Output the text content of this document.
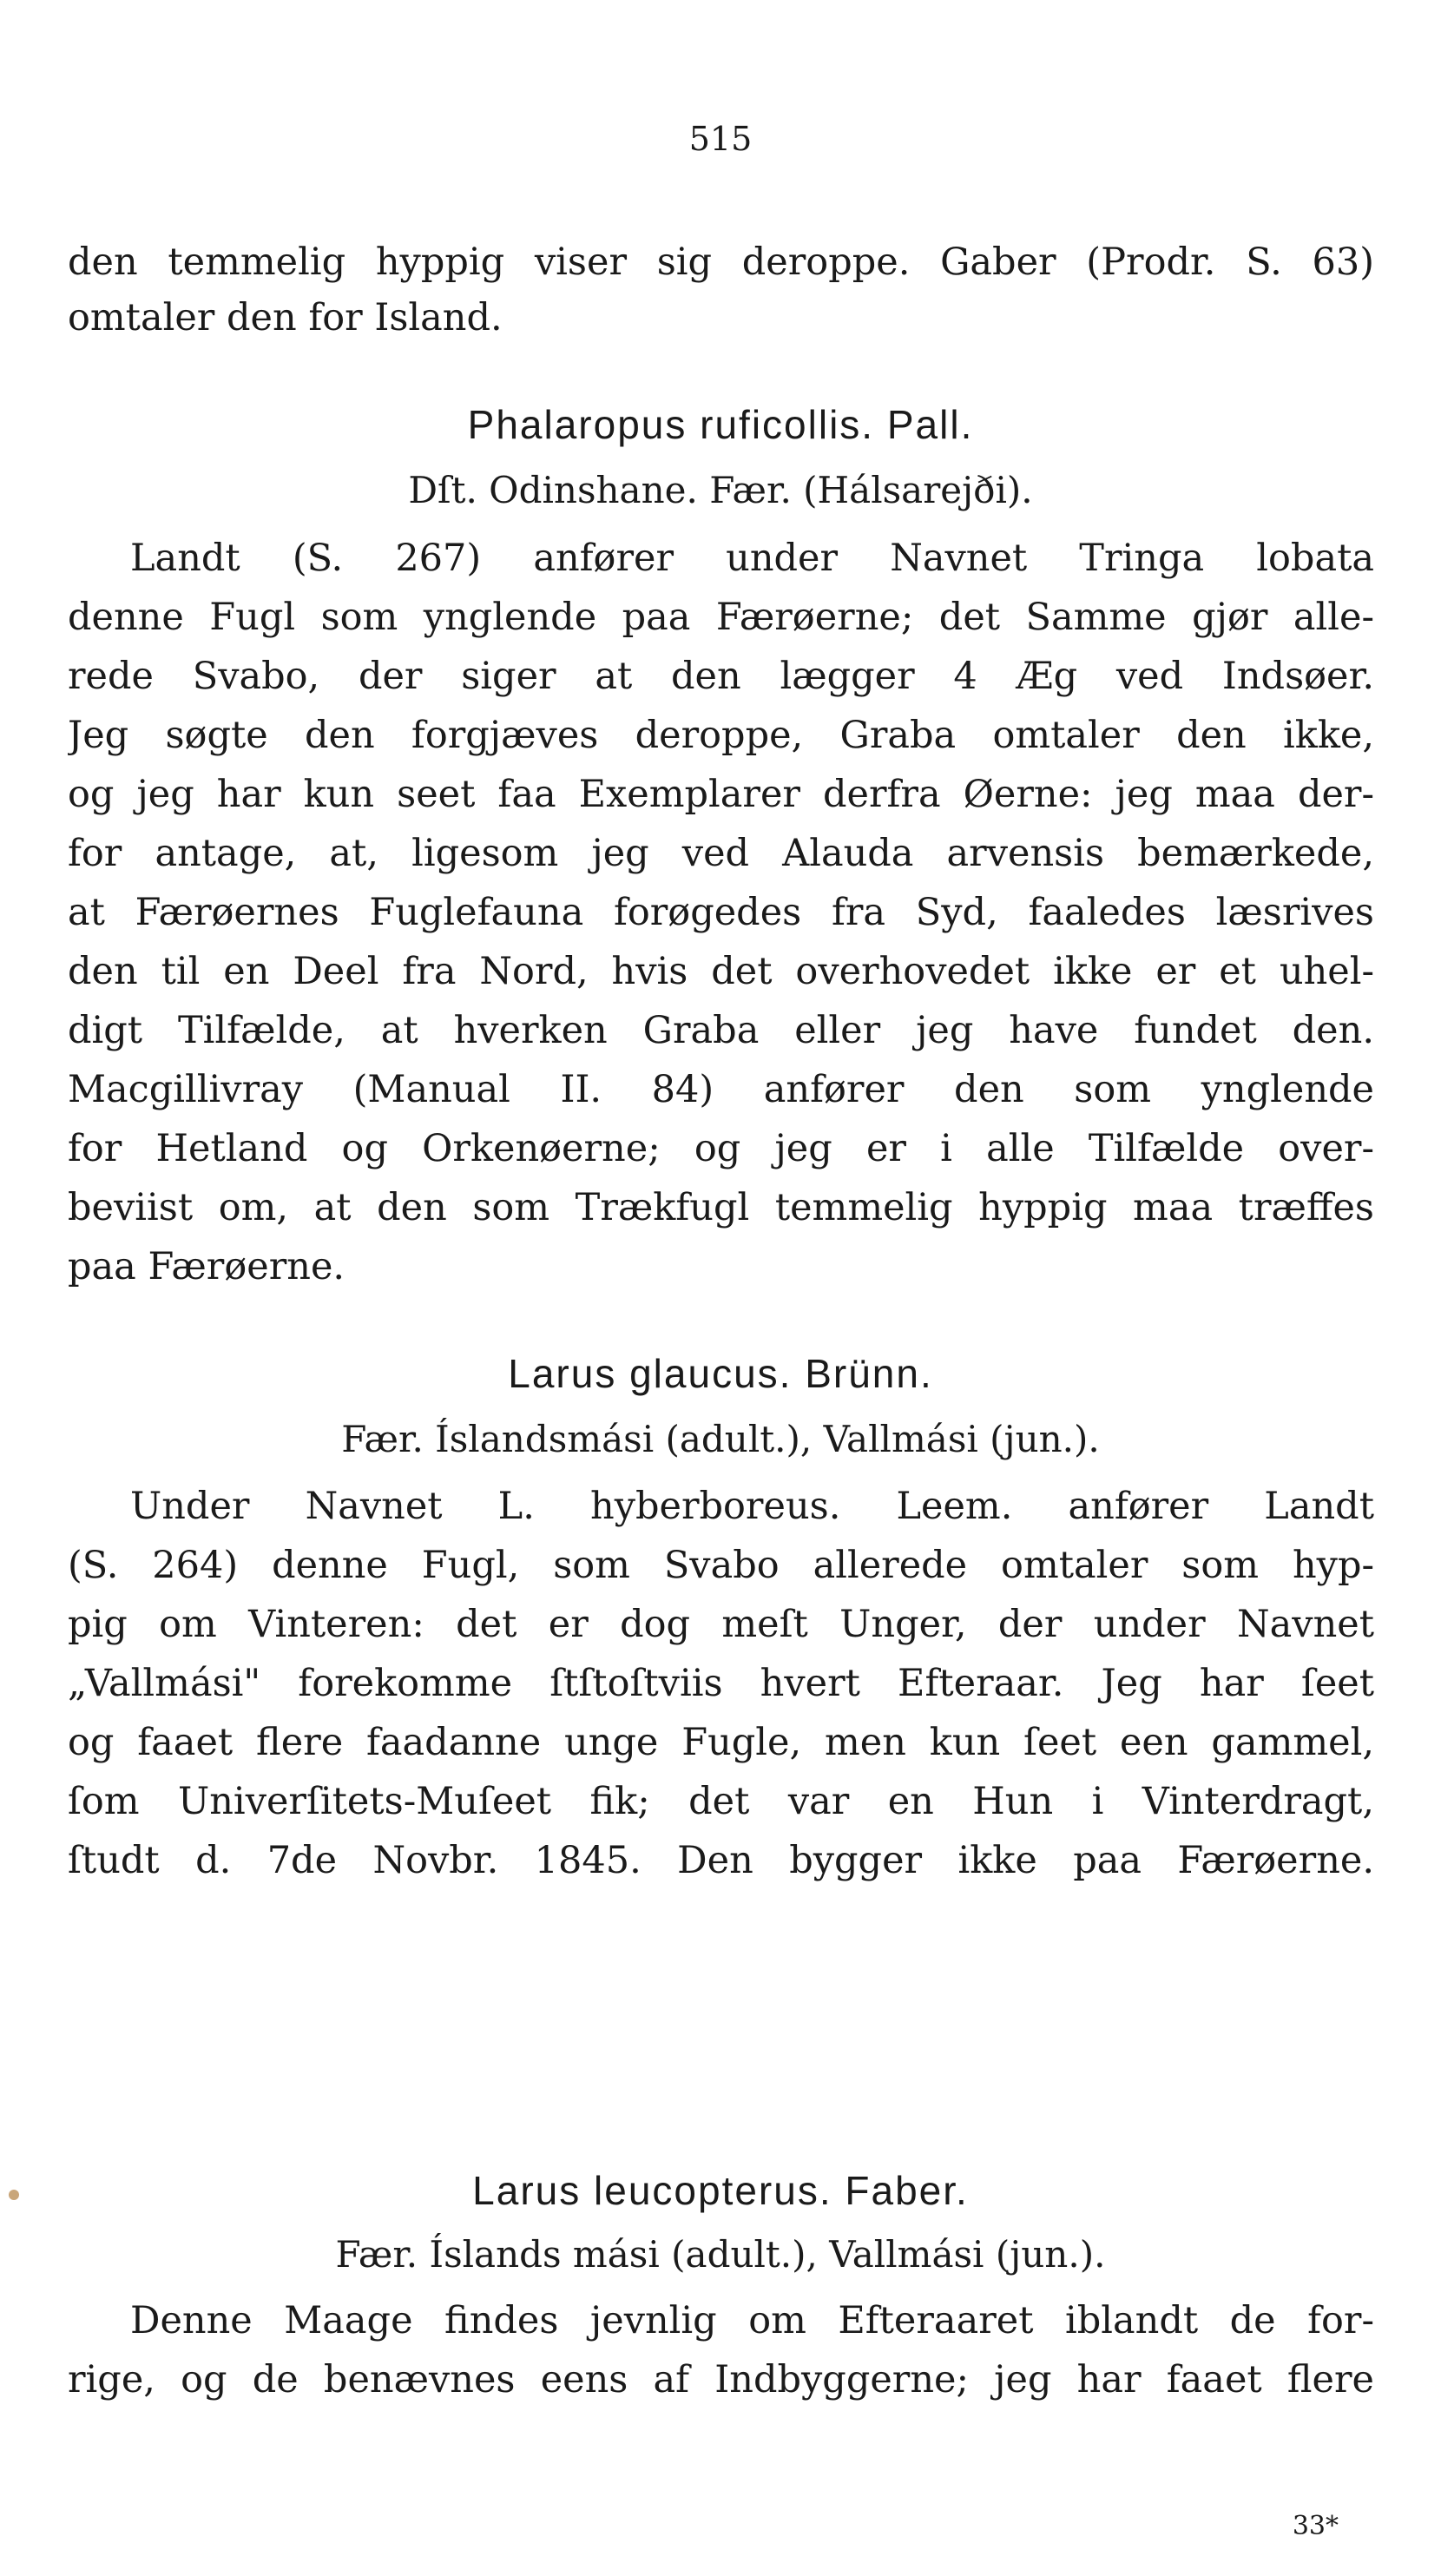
515
den temmelig hyppig viser sig deroppe. Gaber (Prodr. S. 63)
omtaler den for Island.
Phalaropus ruficollis. Pall.
Dſt. Odinshane. Fær. (Hálsarejði).
Landt (S. 267) anfører under Navnet Tringa lobata
denne Fugl som ynglende paa Færøerne; det Samme gjør alle-
rede Svabo, der siger at den lægger 4 Æg ved Indsøer.
Jeg søgte den forgjæves deroppe, Graba omtaler den ikke,
og jeg har kun seet faa Exemplarer derfra Øerne: jeg maa der-
for antage, at, ligesom jeg ved Alauda arvensis bemærkede,
at Færøernes Fuglefauna forøgedes fra Syd, faaledes læsrives
den til en Deel fra Nord, hvis det overhovedet ikke er et uhel-
digt Tilfælde, at hverken Graba eller jeg have fundet den.
Macgillivray (Manual II. 84) anfører den som ynglende
for Hetland og Orkenøerne; og jeg er i alle Tilfælde over-
beviist om, at den som Trækfugl temmelig hyppig maa træffes
paa Færøerne.
Larus glaucus. Brünn.
Fær. Íslandsmási (adult.), Vallmási (jun.).
Under Navnet L. hyberboreus. Leem. anfører Landt
(S. 264) denne Fugl, som Svabo allerede omtaler som hyp-
pig om Vinteren: det er dog meſt Unger, der under Navnet
„Vallmási" forekomme ſtſtoſtviis hvert Efteraar. Jeg har ſeet
og faaet flere faadanne unge Fugle, men kun ſeet een gammel,
ſom Univerſitets-Muſeet fik; det var en Hun i Vinterdragt,
ſtudt d. 7de Novbr. 1845. Den bygger ikke paa Færøerne.
Larus leucopterus. Faber.
Fær. Íslands mási (adult.), Vallmási (jun.).
Denne Maage findes jevnlig om Efteraaret iblandt de for-
rige, og de benævnes eens af Indbyggerne; jeg har faaet flere
33*
